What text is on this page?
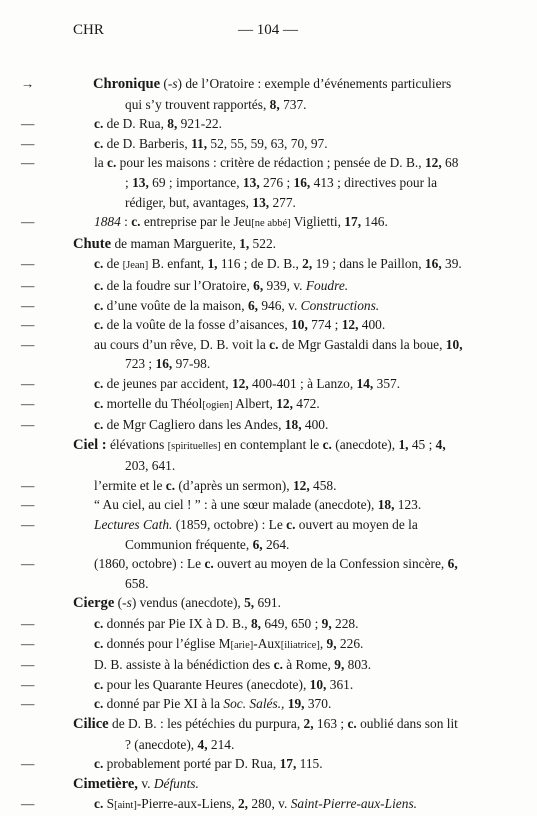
CHR	— 104 —
→	Chronique (-s) de l’Oratoire : exemple d’événements particuliers qui s’y trouvent rapportés, 8, 737.
—	c. de D. Rua, 8, 921-22.
—	c. de D. Barberis, 11, 52, 55, 59, 63, 70, 97.
—	la c. pour les maisons : critère de rédaction ; pensée de D. B., 12, 68 ; 13, 69 ; importance, 13, 276 ; 16, 413 ; directives pour la rédiger, but, avantages, 13, 277.
—	1884 : c. entreprise par le Jeu[ne abbé] Viglietti, 17, 146.
Chute de maman Marguerite, 1, 522.
—	c. de [Jean] B. enfant, 1, 116 ; de D. B., 2, 19 ; dans le Paillon, 16, 39.
—	c. de la foudre sur l’Oratoire, 6, 939, v. Foudre.
—	c. d’une voûte de la maison, 6, 946, v. Constructions.
—	c. de la voûte de la fosse d’aisances, 10, 774 ; 12, 400.
—	au cours d’un rêve, D. B. voit la c. de Mgr Gastaldi dans la boue, 10, 723 ; 16, 97-98.
—	c. de jeunes par accident, 12, 400-401 ; à Lanzo, 14, 357.
—	c. mortelle du Théol[ogien] Albert, 12, 472.
—	c. de Mgr Cagliero dans les Andes, 18, 400.
Ciel : élévations [spirituelles] en contemplant le c. (anecdote), 1, 45 ; 4, 203, 641.
—	l’ermite et le c. (d’après un sermon), 12, 458.
—	“ Au ciel, au ciel ! ” : à une sœur malade (anecdote), 18, 123.
—	Lectures Cath. (1859, octobre) : Le c. ouvert au moyen de la Communion fréquente, 6, 264.
—	(1860, octobre) : Le c. ouvert au moyen de la Confession sincère, 6, 658.
Cierge (-s) vendus (anecdote), 5, 691.
—	c. donnés par Pie IX à D. B., 8, 649, 650 ; 9, 228.
—	c. donnés pour l’église M[arie]-Aux[iliatrice], 9, 226.
—	D. B. assiste à la bénédiction des c. à Rome, 9, 803.
—	c. pour les Quarante Heures (anecdote), 10, 361.
—	c. donné par Pie XI à la Soc. Salés., 19, 370.
Cilice de D. B. : les pétéchies du purpura, 2, 163 ; c. oublié dans son lit ? (anecdote), 4, 214.
—	c. probablement porté par D. Rua, 17, 115.
Cimetière, v. Défunts.
—	c. S[aint]-Pierre-aux-Liens, 2, 280, v. Saint-Pierre-aux-Liens.
